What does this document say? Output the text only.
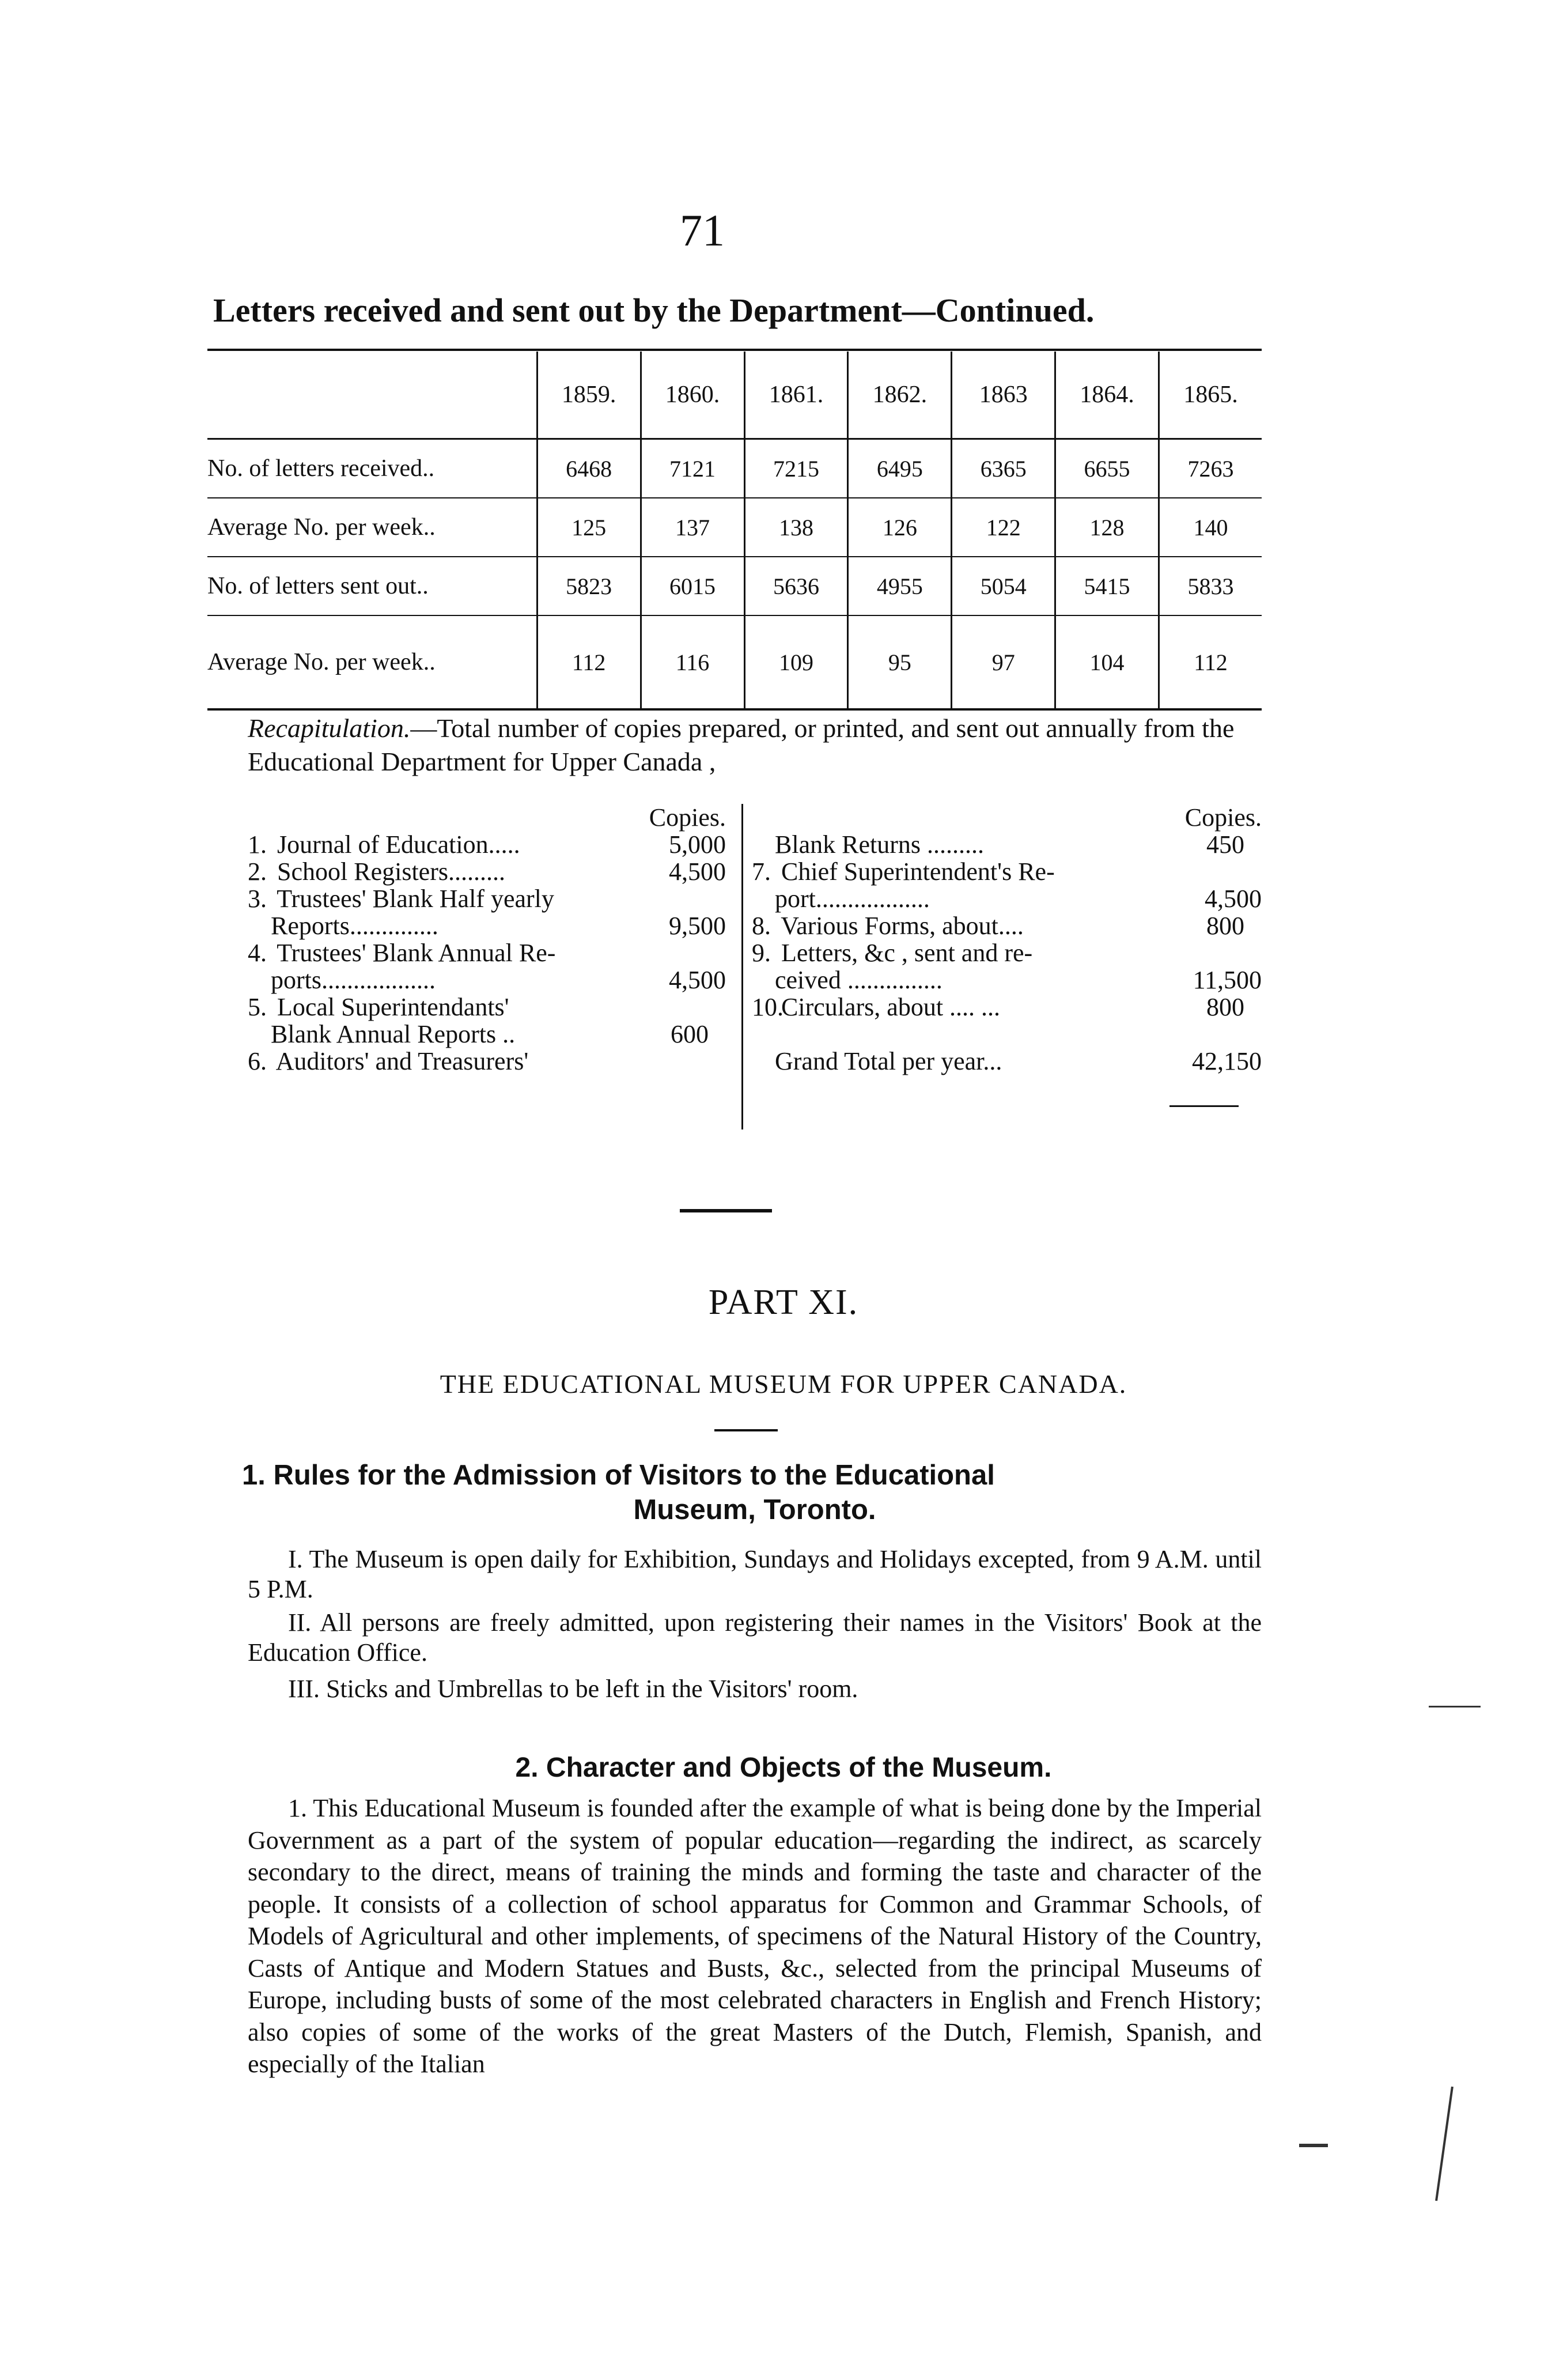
71
Letters received and sent out by the Department—Continued.
	1859.	1860.	1861.	1862.	1863	1864.	1865.
No. of letters received..	6468	7121	7215	6495	6365	6655	7263
Average No. per week..	125	137	138	126	122	128	140
No. of letters sent out..	5823	6015	5636	4955	5054	5415	5833
Average No. per week..	112	116	109	95	97	104	112
Recapitulation.—Total number of copies prepared, or printed, and sent out annually from the Educational Department for Upper Canada ,
Copies.
1. Journal of Education.....	5,000
2. School Registers.........	4,500
3. Trustees' Blank Half yearly
Reports..............	9,500
4. Trustees' Blank Annual Re-
ports..................	4,500
5. Local Superintendants'
Blank Annual Reports ..	600
6. Auditors' and Treasurers'
Copies.
Blank Returns .........	450
7. Chief Superintendent's Re-
port..................	4,500
8. Various Forms, about....	800
9. Letters, &c , sent and re-
ceived ...............	11,500
10. Circulars, about .... ...	800
Grand Total per year...	42,150
PART XI.
THE EDUCATIONAL MUSEUM FOR UPPER CANADA.
1. Rules for the Admission of Visitors to the Educational
Museum, Toronto.
I. The Museum is open daily for Exhibition, Sundays and Holidays excepted, from 9 A.M. until 5 P.M.
II. All persons are freely admitted, upon registering their names in the Visitors' Book at the Education Office.
III. Sticks and Umbrellas to be left in the Visitors' room.
2. Character and Objects of the Museum.
1. This Educational Museum is founded after the example of what is being done by the Imperial Government as a part of the system of popular education—regarding the indirect, as scarcely secondary to the direct, means of training the minds and forming the taste and character of the people. It consists of a collection of school apparatus for Common and Grammar Schools, of Models of Agricultural and other implements, of specimens of the Natural History of the Country, Casts of Antique and Modern Statues and Busts, &c., selected from the principal Museums of Europe, including busts of some of the most celebrated characters in English and French History; also copies of some of the works of the great Masters of the Dutch, Flemish, Spanish, and especially of the Italian
